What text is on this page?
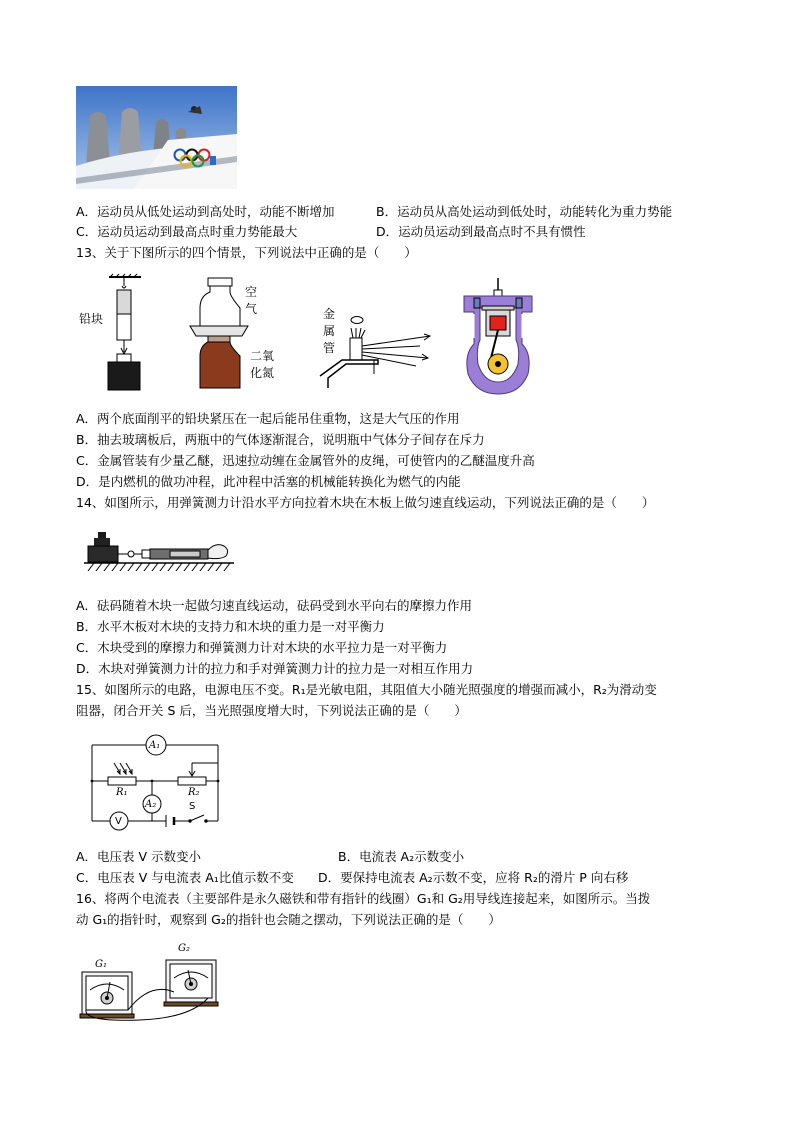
A．运动员从低处运动到高处时，动能不断增加	B．运动员从高处运动到低处时，动能转化为重力势能
C．运动员运动到最高点时重力势能最大	D．运动员运动到最高点时不具有惯性
13、关于下图所示的四个情景，下列说法中正确的是（　　）
铅块
空
气
二氧
化氮
金
属
管
A．两个底面削平的铅块紧压在一起后能吊住重物，这是大气压的作用
B．抽去玻璃板后，两瓶中的气体逐渐混合，说明瓶中气体分子间存在斥力
C．金属管装有少量乙醚，迅速拉动缠在金属管外的皮绳，可使管内的乙醚温度升高
D．是内燃机的做功冲程，此冲程中活塞的机械能转换化为燃气的内能
14、如图所示，用弹簧测力计沿水平方向拉着木块在木板上做匀速直线运动，下列说法正确的是（　　）
A．砝码随着木块一起做匀速直线运动，砝码受到水平向右的摩擦力作用
B．水平木板对木块的支持力和木块的重力是一对平衡力
C．木块受到的摩擦力和弹簧测力计对木块的水平拉力是一对平衡力
D．木块对弹簧测力计的拉力和手对弹簧测力计的拉力是一对相互作用力
15、如图所示的电路，电源电压不变。R₁是光敏电阻，其阻值大小随光照强度的增强而减小，R₂为滑动变
阻器，闭合开关 S 后，当光照强度增大时，下列说法正确的是（　　）
A₁
A₂
R₁	R₂
S
V
A．电压表 V 示数变小	B．电流表 A₂示数变小
C．电压表 V 与电流表 A₁比值示数不变 D．要保持电流表 A₂示数不变，应将 R₂的滑片 P 向右移
16、将两个电流表（主要部件是永久磁铁和带有指针的线圈）G₁和 G₂用导线连接起来，如图所示。当拨
动 G₁的指针时，观察到 G₂的指针也会随之摆动，下列说法正确的是（　　）
G₁
G₂
